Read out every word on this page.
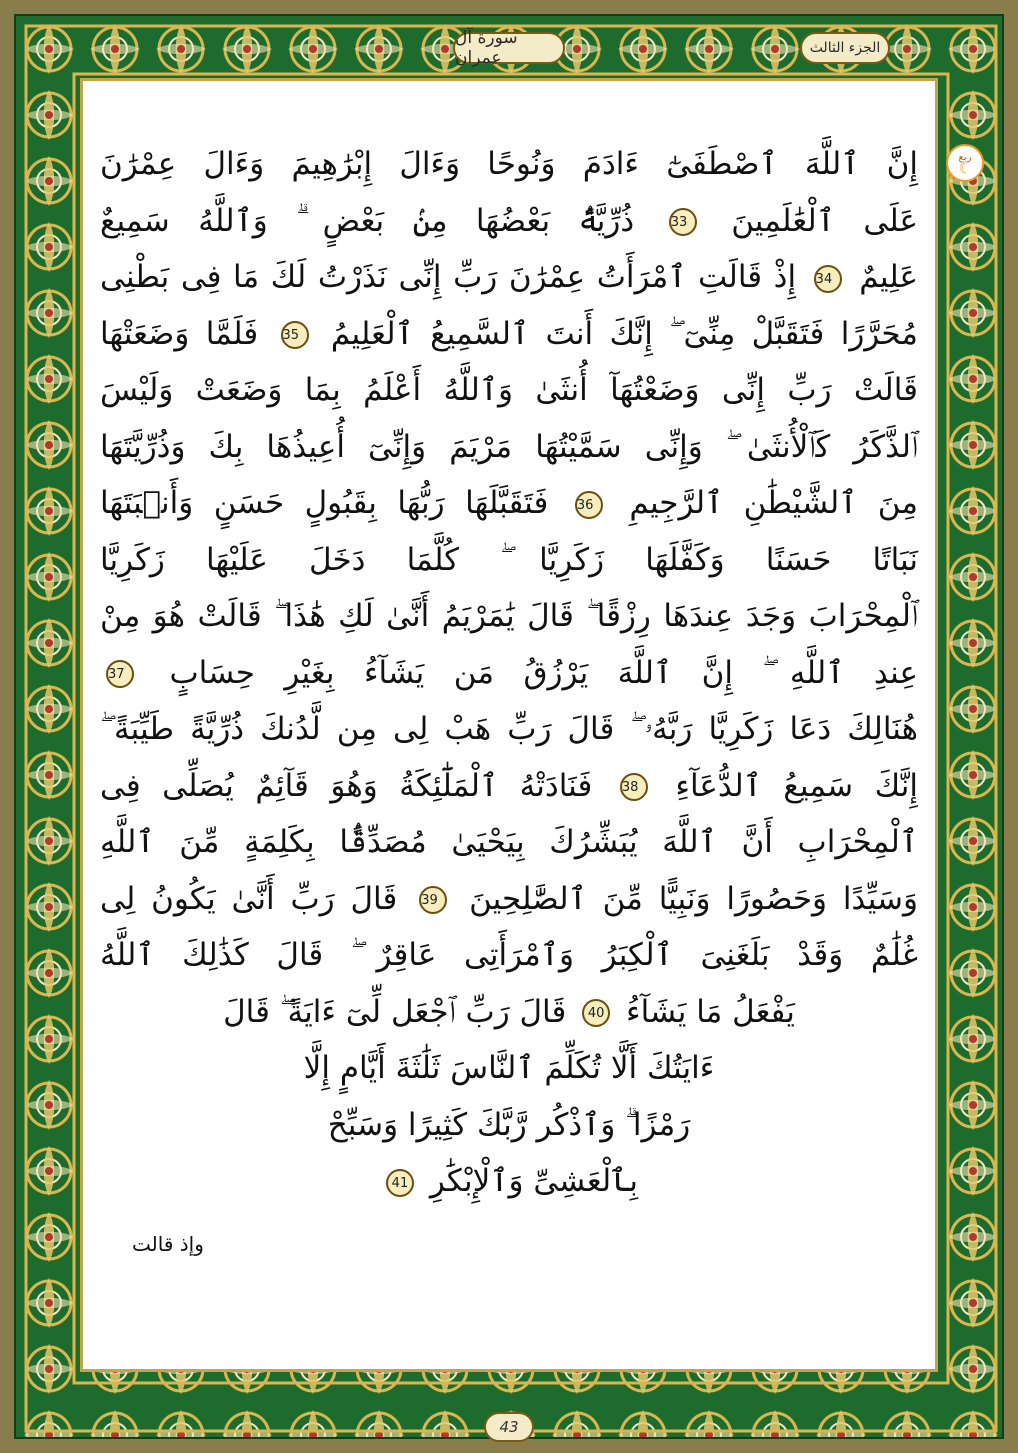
الجزء الثالث
سورة آل عمران
ربع
☾
إِنَّ ٱللَّهَ ٱصْطَفَىٰٓ ءَادَمَ وَنُوحًا وَءَالَ إِبْرَٰهِيمَ وَءَالَ عِمْرَٰنَ
عَلَى ٱلْعَٰلَمِينَ 33 ذُرِّيَّةًۢ بَعْضُهَا مِنۢ بَعْضٍ ۗ وَٱللَّهُ سَمِيعٌ
عَلِيمٌ 34 إِذْ قَالَتِ ٱمْرَأَتُ عِمْرَٰنَ رَبِّ إِنِّى نَذَرْتُ لَكَ مَا فِى بَطْنِى
مُحَرَّرًا فَتَقَبَّلْ مِنِّىٓ ۖ إِنَّكَ أَنتَ ٱلسَّمِيعُ ٱلْعَلِيمُ 35 فَلَمَّا وَضَعَتْهَا
قَالَتْ رَبِّ إِنِّى وَضَعْتُهَآ أُنثَىٰ وَٱللَّهُ أَعْلَمُ بِمَا وَضَعَتْ وَلَيْسَ
ٱلذَّكَرُ كَٱلْأُنثَىٰ ۖ وَإِنِّى سَمَّيْتُهَا مَرْيَمَ وَإِنِّىٓ أُعِيذُهَا بِكَ وَذُرِّيَّتَهَا
مِنَ ٱلشَّيْطَٰنِ ٱلرَّجِيمِ 36 فَتَقَبَّلَهَا رَبُّهَا بِقَبُولٍ حَسَنٍ وَأَنۢبَتَهَا
نَبَاتًا حَسَنًا وَكَفَّلَهَا زَكَرِيَّا ۖ كُلَّمَا دَخَلَ عَلَيْهَا زَكَرِيَّا
ٱلْمِحْرَابَ وَجَدَ عِندَهَا رِزْقًا ۖ قَالَ يَٰمَرْيَمُ أَنَّىٰ لَكِ هَٰذَا ۖ قَالَتْ هُوَ مِنْ
عِندِ ٱللَّهِ ۖ إِنَّ ٱللَّهَ يَرْزُقُ مَن يَشَآءُ بِغَيْرِ حِسَابٍ 37
هُنَالِكَ دَعَا زَكَرِيَّا رَبَّهُۥ ۖ قَالَ رَبِّ هَبْ لِى مِن لَّدُنكَ ذُرِّيَّةً طَيِّبَةً ۖ
إِنَّكَ سَمِيعُ ٱلدُّعَآءِ 38 فَنَادَتْهُ ٱلْمَلَٰٓئِكَةُ وَهُوَ قَآئِمٌ يُصَلِّى فِى
ٱلْمِحْرَابِ أَنَّ ٱللَّهَ يُبَشِّرُكَ بِيَحْيَىٰ مُصَدِّقًۢا بِكَلِمَةٍ مِّنَ ٱللَّهِ
وَسَيِّدًا وَحَصُورًا وَنَبِيًّا مِّنَ ٱلصَّٰلِحِينَ 39 قَالَ رَبِّ أَنَّىٰ يَكُونُ لِى
غُلَٰمٌ وَقَدْ بَلَغَنِىَ ٱلْكِبَرُ وَٱمْرَأَتِى عَاقِرٌ ۖ قَالَ كَذَٰلِكَ ٱللَّهُ
يَفْعَلُ مَا يَشَآءُ 40 قَالَ رَبِّ ٱجْعَل لِّىٓ ءَايَةً ۖ قَالَ
ءَايَتُكَ أَلَّا تُكَلِّمَ ٱلنَّاسَ ثَلَٰثَةَ أَيَّامٍ إِلَّا
رَمْزًا ۗ وَٱذْكُر رَّبَّكَ كَثِيرًا وَسَبِّحْ
بِٱلْعَشِىِّ وَٱلْإِبْكَٰرِ 41
وإذ قالت
43
